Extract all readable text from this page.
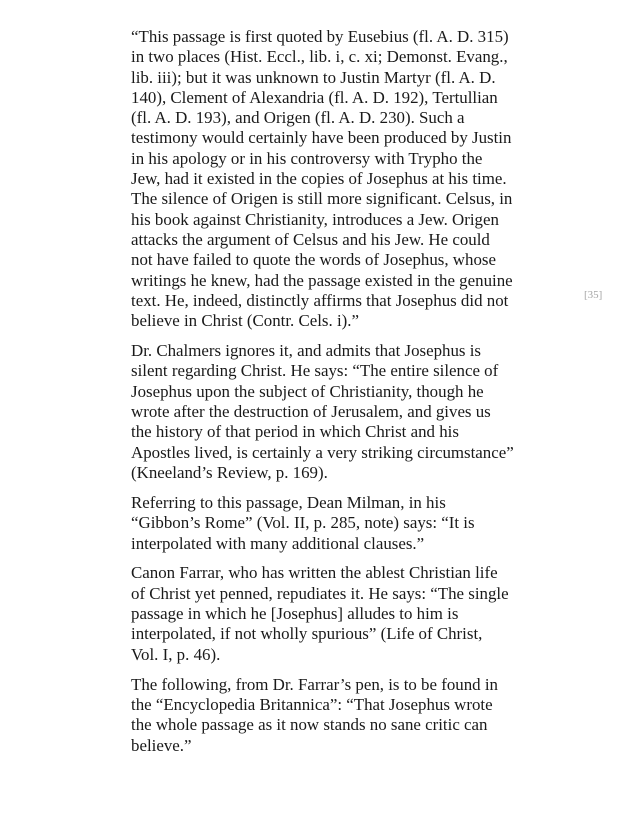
“This passage is first quoted by Eusebius (fl. A. D. 315)
in two places (Hist. Eccl., lib. i, c. xi; Demonst. Evang.,
lib. iii); but it was unknown to Justin Martyr (fl. A. D.
140), Clement of Alexandria (fl. A. D. 192), Tertullian
(fl. A. D. 193), and Origen (fl. A. D. 230). Such a
testimony would certainly have been produced by Justin
in his apology or in his controversy with Trypho the
Jew, had it existed in the copies of Josephus at his time.
The silence of Origen is still more significant. Celsus, in
his book against Christianity, introduces a Jew. Origen
attacks the argument of Celsus and his Jew. He could
not have failed to quote the words of Josephus, whose
writings he knew, had the passage existed in the genuine
text. He, indeed, distinctly affirms that Josephus did not
believe in Christ (Contr. Cels. i).”

Dr. Chalmers ignores it, and admits that Josephus is
silent regarding Christ. He says: “The entire silence of
Josephus upon the subject of Christianity, though he
wrote after the destruction of Jerusalem, and gives us
the history of that period in which Christ and his
Apostles lived, is certainly a very striking circumstance”
(Kneeland’s Review, p. 169).

Referring to this passage, Dean Milman, in his
“Gibbon’s Rome” (Vol. II, p. 285, note) says: “It is
interpolated with many additional clauses.”

Canon Farrar, who has written the ablest Christian life
of Christ yet penned, repudiates it. He says: “The single
passage in which he [Josephus] alludes to him is
interpolated, if not wholly spurious” (Life of Christ,
Vol. I, p. 46).

The following, from Dr. Farrar’s pen, is to be found in
the “Encyclopedia Britannica”: “That Josephus wrote
the whole passage as it now stands no sane critic can
believe.”

[35]
